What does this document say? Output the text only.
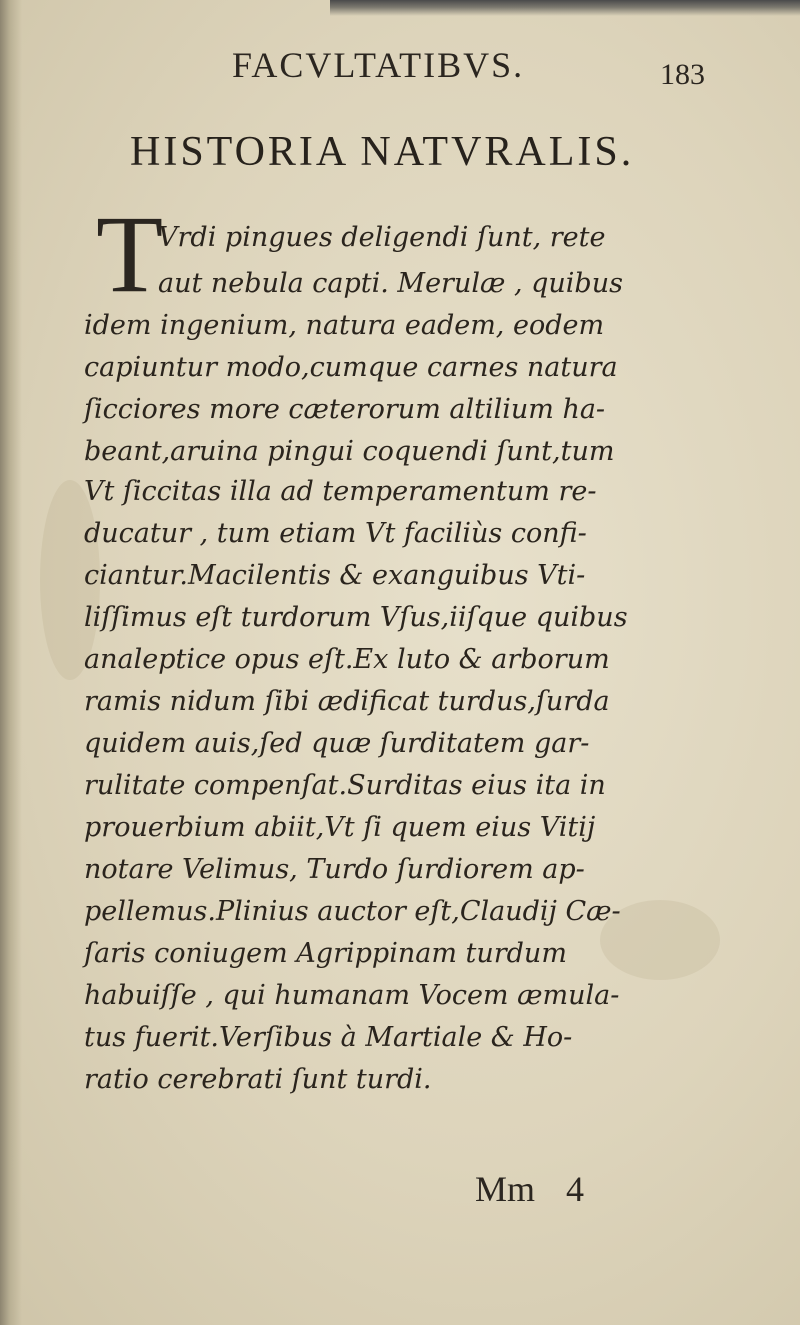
FACVLTATIBVS.	183
HISTORIA NATVRALIS.
T
Vrdi pingues deligendi ſunt, rete
aut nebula capti. Merulæ , quibus
idem ingenium, natura eadem, eodem
capiuntur modo,cumque carnes natura
ſicciores more cæterorum altilium ha-
beant,aruina pingui coquendi ſunt,tum
Vt ſiccitas illa ad temperamentum re-
ducatur , tum etiam Vt faciliùs confi-
ciantur.Macilentis & exanguibus Vti-
liſſimus eſt turdorum Vſus,iiſque quibus
analeptice opus eſt.Ex luto & arborum
ramis nidum ſibi ædificat turdus,ſurda
quidem auis,ſed quæ ſurditatem gar-
rulitate compenſat.Surditas eius ita in
prouerbium abiit,Vt ſi quem eius Vitij
notare Velimus, Turdo ſurdiorem ap-
pellemus.Plinius auctor eſt,Claudij Cæ-
ſaris coniugem Agrippinam turdum
habuiſſe , qui humanam Vocem æmula-
tus fuerit.Verſibus à Martiale & Ho-
ratio cerebrati ſunt turdi.
Mm 4
